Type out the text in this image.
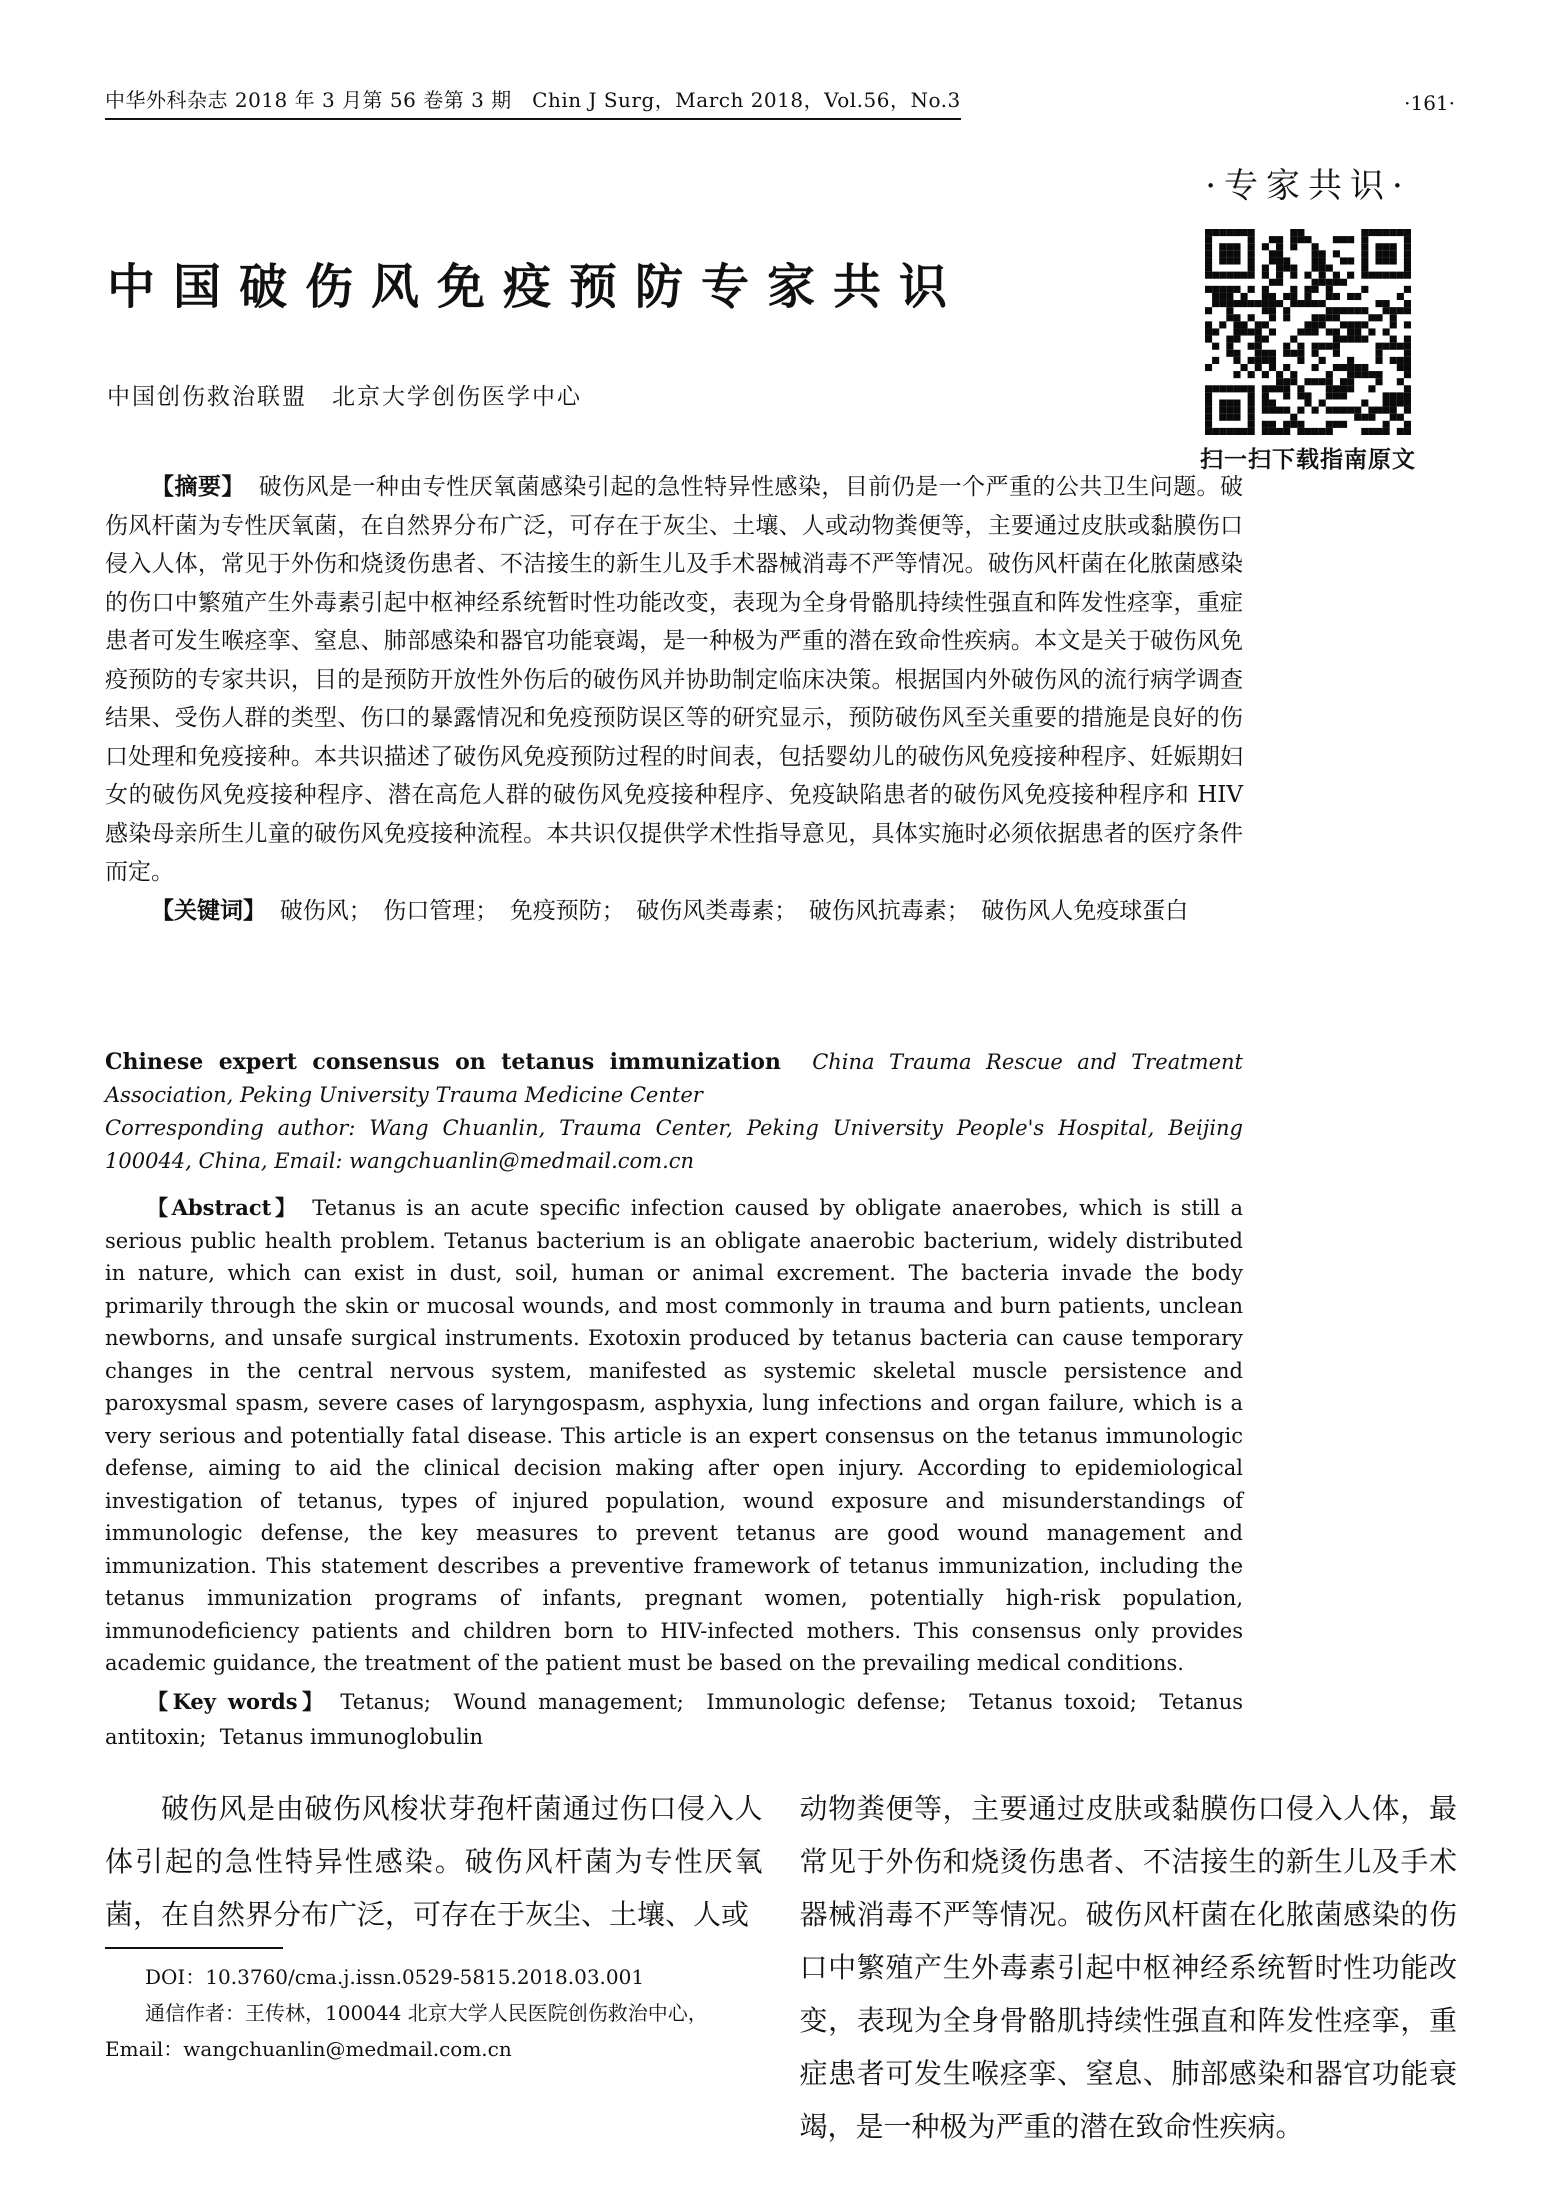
中华外科杂志 2018 年 3 月第 56 卷第 3 期　Chin J Surg，March 2018，Vol.56，No.3	·161·
·专家共识·
扫一扫下载指南原文
中国破伤风免疫预防专家共识
中国创伤救治联盟　北京大学创伤医学中心

【摘要】 破伤风是一种由专性厌氧菌感染引起的急性特异性感染，目前仍是一个严重的公共卫生问题。破伤风杆菌为专性厌氧菌，在自然界分布广泛，可存在于灰尘、土壤、人或动物粪便等，主要通过皮肤或黏膜伤口侵入人体，常见于外伤和烧烫伤患者、不洁接生的新生儿及手术器械消毒不严等情况。破伤风杆菌在化脓菌感染的伤口中繁殖产生外毒素引起中枢神经系统暂时性功能改变，表现为全身骨骼肌持续性强直和阵发性痉挛，重症患者可发生喉痉挛、窒息、肺部感染和器官功能衰竭，是一种极为严重的潜在致命性疾病。本文是关于破伤风免疫预防的专家共识，目的是预防开放性外伤后的破伤风并协助制定临床决策。根据国内外破伤风的流行病学调查结果、受伤人群的类型、伤口的暴露情况和免疫预防误区等的研究显示，预防破伤风至关重要的措施是良好的伤口处理和免疫接种。本共识描述了破伤风免疫预防过程的时间表，包括婴幼儿的破伤风免疫接种程序、妊娠期妇女的破伤风免疫接种程序、潜在高危人群的破伤风免疫接种程序、免疫缺陷患者的破伤风免疫接种程序和 HIV 感染母亲所生儿童的破伤风免疫接种流程。本共识仅提供学术性指导意见，具体实施时必须依据患者的医疗条件而定。

【关键词】 破伤风；　伤口管理；　免疫预防；　破伤风类毒素；　破伤风抗毒素；　破伤风人免疫球蛋白

Chinese expert consensus on tetanus immunization China Trauma Rescue and Treatment Association, Peking University Trauma Medicine Center

Corresponding author: Wang Chuanlin, Trauma Center, Peking University People's Hospital, Beijing 100044, China, Email: wangchuanlin@medmail.com.cn

【Abstract】 Tetanus is an acute specific infection caused by obligate anaerobes, which is still a serious public health problem. Tetanus bacterium is an obligate anaerobic bacterium, widely distributed in nature, which can exist in dust, soil, human or animal excrement. The bacteria invade the body primarily through the skin or mucosal wounds, and most commonly in trauma and burn patients, unclean newborns, and unsafe surgical instruments. Exotoxin produced by tetanus bacteria can cause temporary changes in the central nervous system, manifested as systemic skeletal muscle persistence and paroxysmal spasm, severe cases of laryngospasm, asphyxia, lung infections and organ failure, which is a very serious and potentially fatal disease. This article is an expert consensus on the tetanus immunologic defense, aiming to aid the clinical decision making after open injury. According to epidemiological investigation of tetanus, types of injured population, wound exposure and misunderstandings of immunologic defense, the key measures to prevent tetanus are good wound management and immunization. This statement describes a preventive framework of tetanus immunization, including the tetanus immunization programs of infants, pregnant women, potentially high-risk population, immunodeficiency patients and children born to HIV-infected mothers. This consensus only provides academic guidance, the treatment of the patient must be based on the prevailing medical conditions.

【Key words】 Tetanus;  Wound management;  Immunologic defense;  Tetanus toxoid;  Tetanus antitoxin;  Tetanus immunoglobulin

破伤风是由破伤风梭状芽孢杆菌通过伤口侵入人体引起的急性特异性感染。破伤风杆菌为专性厌氧菌，在自然界分布广泛，可存在于灰尘、土壤、人或

DOI：10.3760/cma.j.issn.0529-5815.2018.03.001

通信作者：王传林，100044 北京大学人民医院创伤救治中心，Email：wangchuanlin@medmail.com.cn

动物粪便等，主要通过皮肤或黏膜伤口侵入人体，最常见于外伤和烧烫伤患者、不洁接生的新生儿及手术器械消毒不严等情况。破伤风杆菌在化脓菌感染的伤口中繁殖产生外毒素引起中枢神经系统暂时性功能改变，表现为全身骨骼肌持续性强直和阵发性痉挛，重症患者可发生喉痉挛、窒息、肺部感染和器官功能衰竭，是一种极为严重的潜在致命性疾病。
